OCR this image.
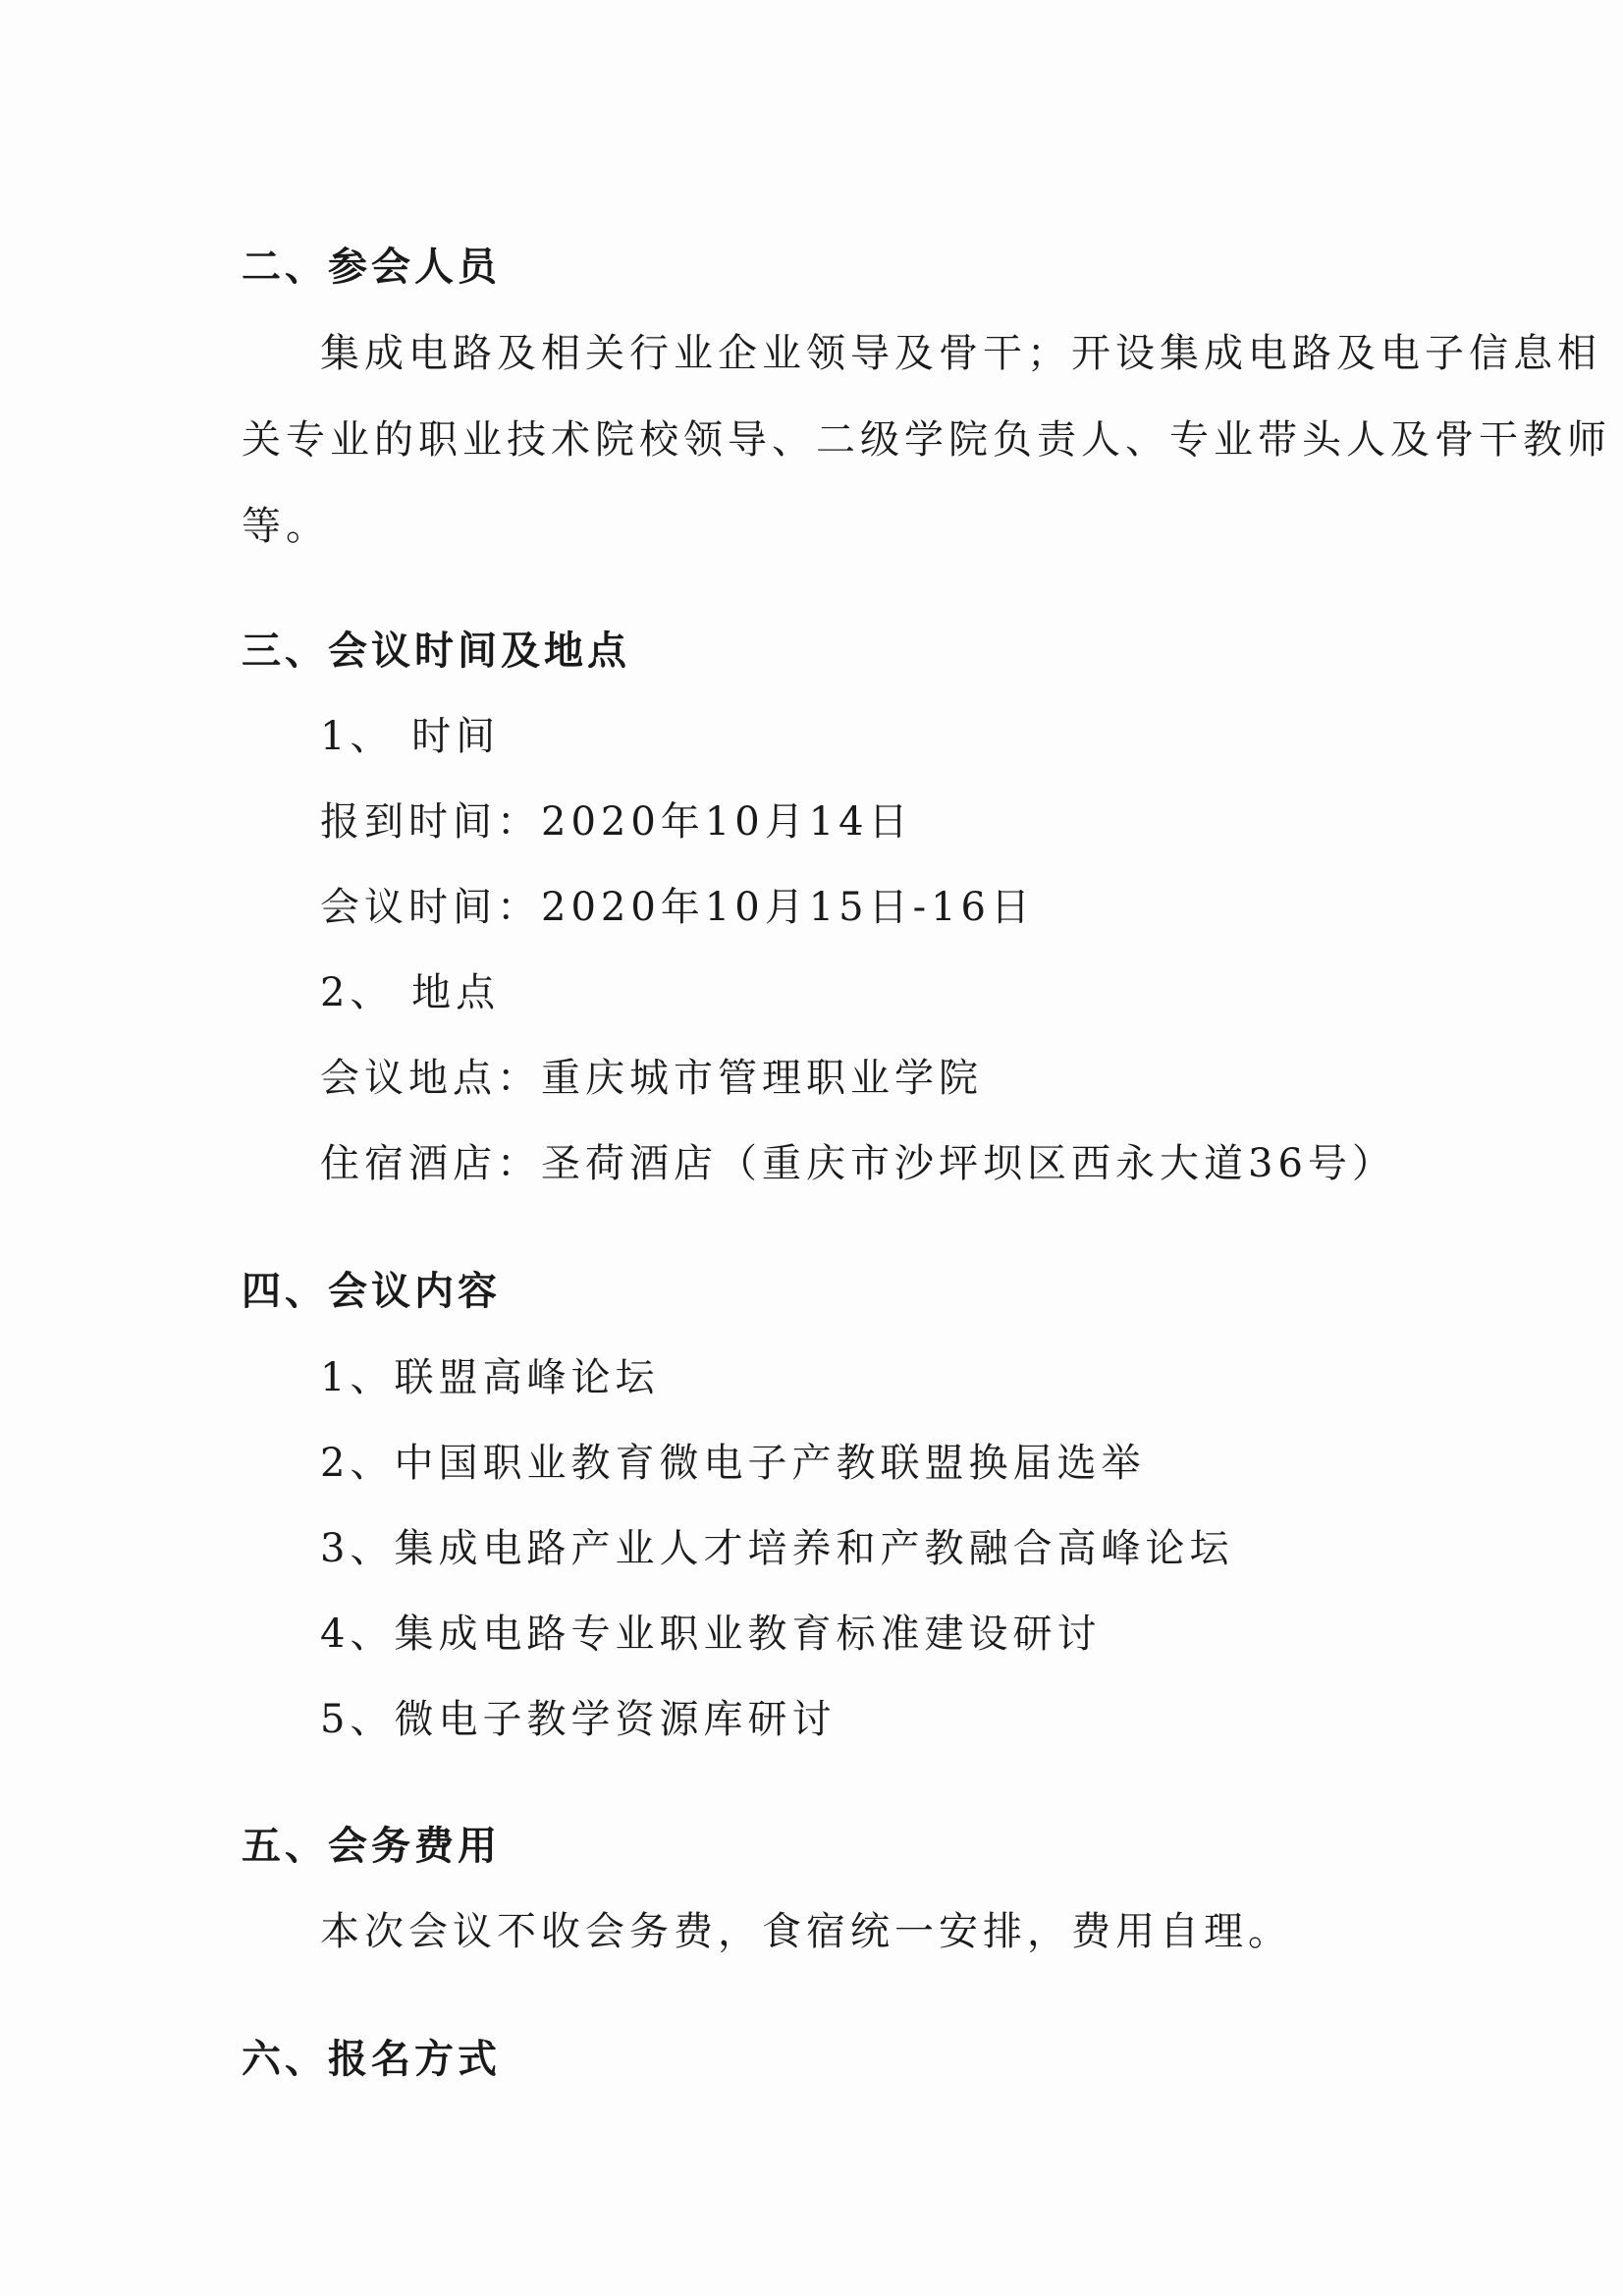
二、参会人员
集成电路及相关行业企业领导及骨干；开设集成电路及电子信息相
关专业的职业技术院校领导、二级学院负责人、专业带头人及骨干教师
等。
三、会议时间及地点
1、 时间
报到时间：2020年10月14日
会议时间：2020年10月15日-16日
2、 地点
会议地点：重庆城市管理职业学院
住宿酒店：圣荷酒店（重庆市沙坪坝区西永大道36号）
四、会议内容
1、联盟高峰论坛
2、中国职业教育微电子产教联盟换届选举
3、集成电路产业人才培养和产教融合高峰论坛
4、集成电路专业职业教育标准建设研讨
5、微电子教学资源库研讨
五、会务费用
本次会议不收会务费，食宿统一安排，费用自理。
六、报名方式
